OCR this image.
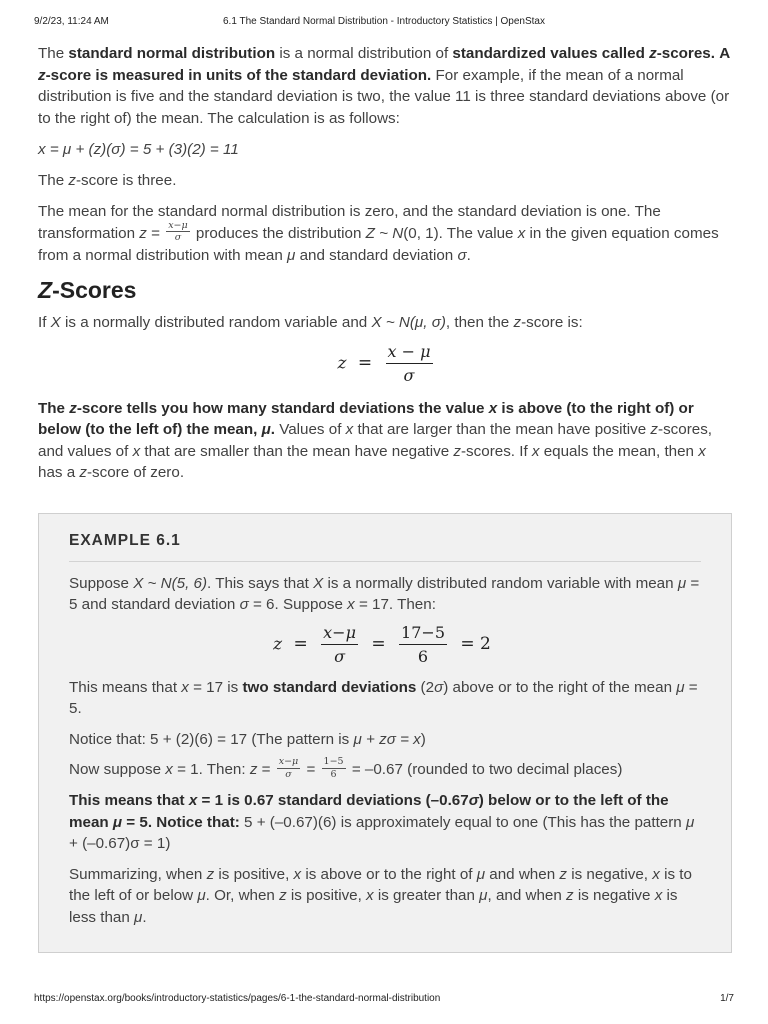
9/2/23, 11:24 AM	6.1 The Standard Normal Distribution - Introductory Statistics | OpenStax

The standard normal distribution is a normal distribution of standardized values called z-scores. A z-score is measured in units of the standard deviation. For example, if the mean of a normal distribution is five and the standard deviation is two, the value 11 is three standard deviations above (or to the right of) the mean. The calculation is as follows:

x = μ + (z)(σ) = 5 + (3)(2) = 11

The z-score is three.

The mean for the standard normal distribution is zero, and the standard deviation is one. The transformation $z = \frac{x-\mu}{\sigma}$ produces the distribution Z ~ N(0, 1). The value x in the given equation comes from a normal distribution with mean μ and standard deviation σ.

Z-Scores

If X is a normally distributed random variable and X ~ N(μ, σ), then the z-score is:

$z = \frac{x - \mu}{\sigma}$

The z-score tells you how many standard deviations the value x is above (to the right of) or below (to the left of) the mean, μ. Values of x that are larger than the mean have positive z-scores, and values of x that are smaller than the mean have negative z-scores. If x equals the mean, then x has a z-score of zero.

EXAMPLE 6.1

Suppose X ~ N(5, 6). This says that X is a normally distributed random variable with mean μ = 5 and standard deviation σ = 6. Suppose x = 17. Then:

$z = \frac{x-\mu}{\sigma} = \frac{17-5}{6} = 2$

This means that x = 17 is two standard deviations (2σ) above or to the right of the mean μ = 5.

Notice that: 5 + (2)(6) = 17 (The pattern is μ + zσ = x)

Now suppose x = 1. Then: $z = \frac{x-\mu}{\sigma} = \frac{1-5}{6} = -0.67$ (rounded to two decimal places)

This means that x = 1 is 0.67 standard deviations (–0.67σ) below or to the left of the mean μ = 5. Notice that: 5 + (–0.67)(6) is approximately equal to one (This has the pattern μ + (–0.67)σ = 1)

Summarizing, when z is positive, x is above or to the right of μ and when z is negative, x is to the left of or below μ. Or, when z is positive, x is greater than μ, and when z is negative x is less than μ.

https://openstax.org/books/introductory-statistics/pages/6-1-the-standard-normal-distribution	1/7
